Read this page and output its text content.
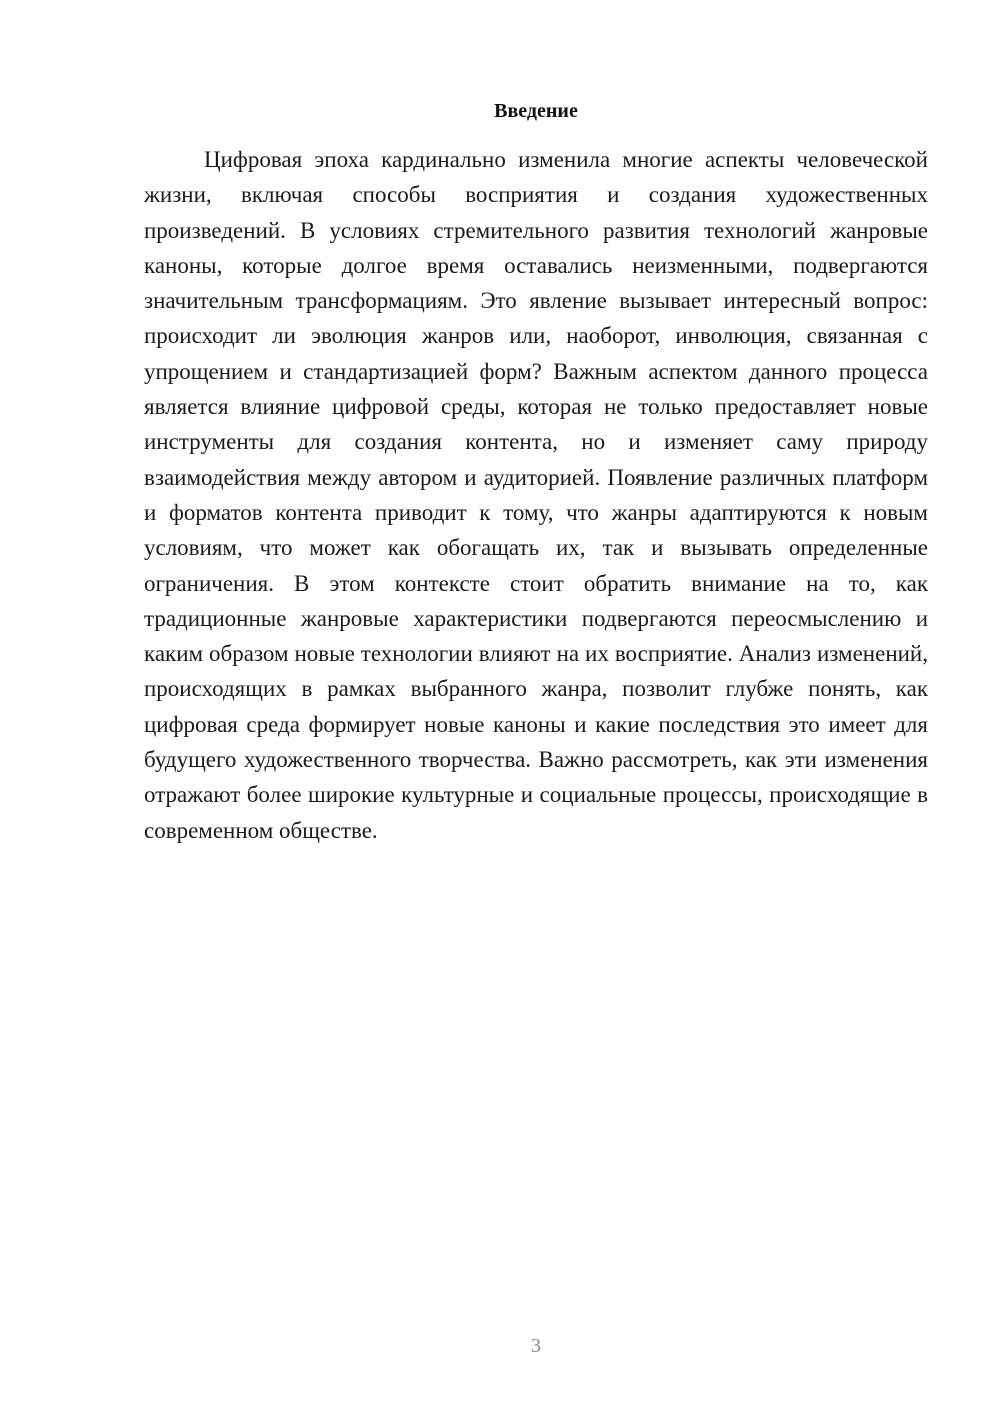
Введение

Цифровая эпоха кардинально изменила многие аспекты человеческой жизни, включая способы восприятия и создания художественных произведений. В условиях стремительного развития технологий жанровые каноны, которые долгое время оставались неизменными, подвергаются значительным трансформациям. Это явление вызывает интересный вопрос: происходит ли эволюция жанров или, наоборот, инволюция, связанная с упрощением и стандартизацией форм? Важным аспектом данного процесса является влияние цифровой среды, которая не только предоставляет новые инструменты для создания контента, но и изменяет саму природу взаимодействия между автором и аудиторией. Появление различных платформ и форматов контента приводит к тому, что жанры адаптируются к новым условиям, что может как обогащать их, так и вызывать определенные ограничения. В этом контексте стоит обратить внимание на то, как традиционные жанровые характеристики подвергаются переосмыслению и каким образом новые технологии влияют на их восприятие. Анализ изменений, происходящих в рамках выбранного жанра, позволит глубже понять, как цифровая среда формирует новые каноны и какие последствия это имеет для будущего художественного творчества. Важно рассмотреть, как эти изменения отражают более широкие культурные и социальные процессы, происходящие в современном обществе.

3
